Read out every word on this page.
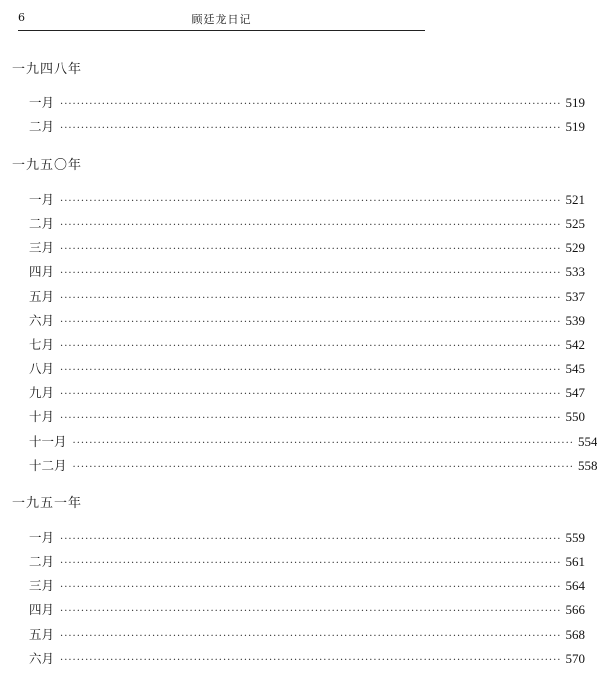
6	顾廷龙日记
一九四八年
一月 ························································································································ 519
二月 ························································································································ 519
一九五〇年
一月 ························································································································ 521
二月 ························································································································ 525
三月 ························································································································ 529
四月 ························································································································ 533
五月 ························································································································ 537
六月 ························································································································ 539
七月 ························································································································ 542
八月 ························································································································ 545
九月 ························································································································ 547
十月 ························································································································ 550
十一月 ························································································································ 554
十二月 ························································································································ 558
一九五一年
一月 ························································································································ 559
二月 ························································································································ 561
三月 ························································································································ 564
四月 ························································································································ 566
五月 ························································································································ 568
六月 ························································································································ 570
